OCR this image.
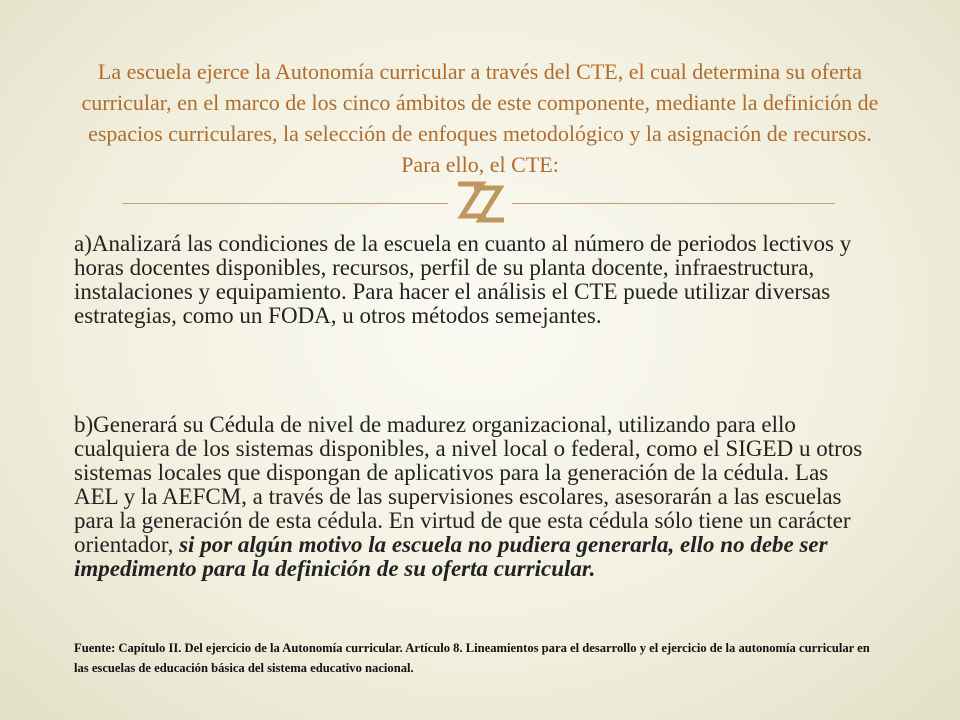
La escuela ejerce la Autonomía curricular a través del CTE, el cual determina su oferta curricular, en el marco de los cinco ámbitos de este componente, mediante la definición de espacios curriculares, la selección de enfoques metodológico y la asignación de recursos. Para ello, el CTE:
a)Analizará las condiciones de la escuela en cuanto al número de periodos lectivos y horas docentes disponibles, recursos, perfil de su planta docente, infraestructura, instalaciones y equipamiento. Para hacer el análisis el CTE puede utilizar diversas estrategias, como un FODA, u otros métodos semejantes.
b)Generará su Cédula de nivel de madurez organizacional, utilizando para ello cualquiera de los sistemas disponibles, a nivel local o federal, como el SIGED u otros sistemas locales que dispongan de aplicativos para la generación de la cédula. Las AEL y la AEFCM, a través de las supervisiones escolares, asesorarán a las escuelas para la generación de esta cédula. En virtud de que esta cédula sólo tiene un carácter orientador, si por algún motivo la escuela no pudiera generarla, ello no debe ser impedimento para la definición de su oferta curricular.
Fuente: Capítulo II. Del ejercicio de la Autonomía curricular. Artículo 8. Lineamientos para el desarrollo y el ejercicio de la autonomía curricular en las escuelas de educación básica del sistema educativo nacional.
